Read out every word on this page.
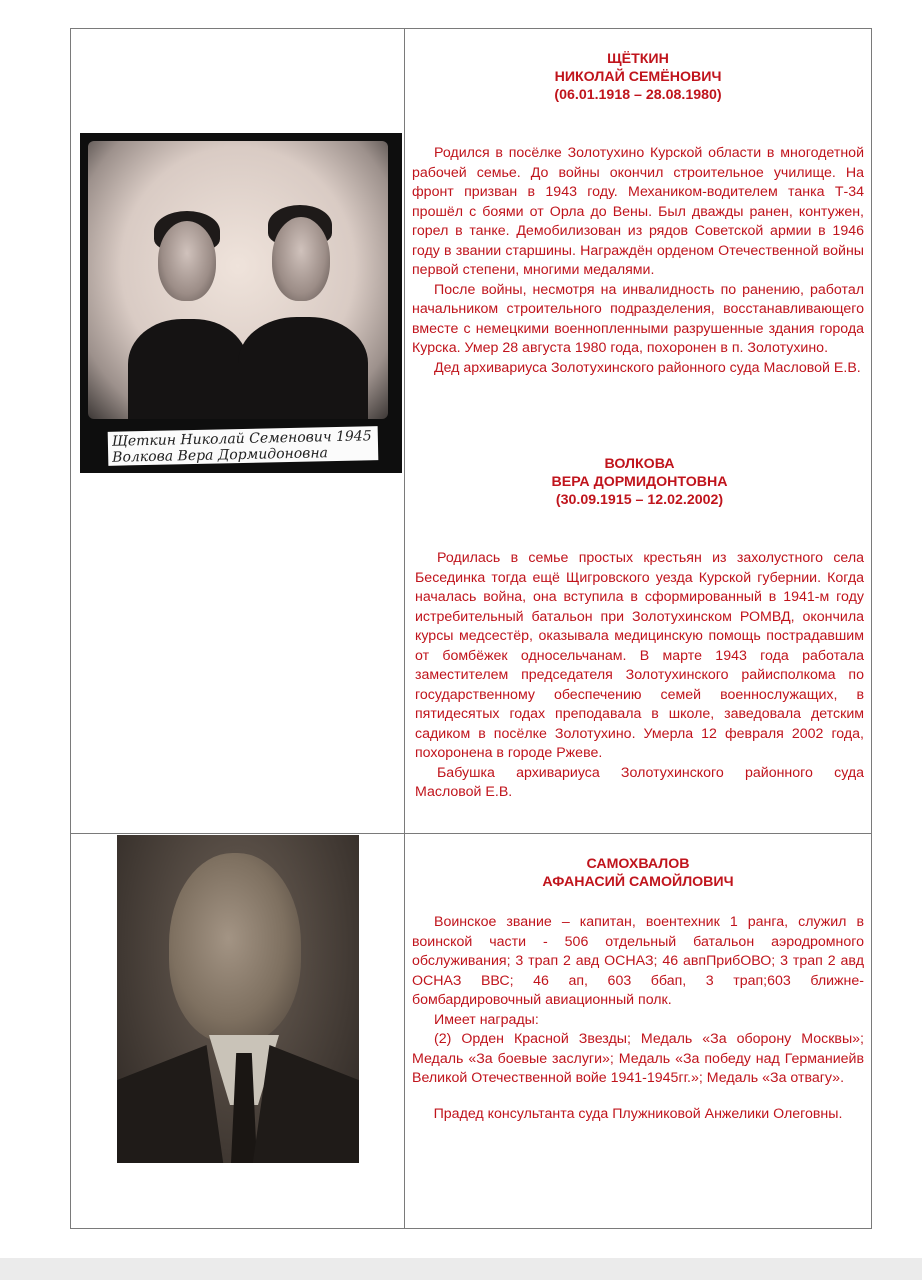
Щеткин Николай Семенович 1945
Волкова Вера Дормидоновна
ЩЁТКИН
НИКОЛАЙ СЕМЁНОВИЧ
(06.01.1918 – 28.08.1980)

Родился в посёлке Золотухино Курской области в многодетной рабочей семье. До войны окончил строительное училище. На фронт призван в 1943 году. Механиком-водителем танка Т-34 прошёл с боями от Орла до Вены. Был дважды ранен, контужен, горел в танке. Демобилизован из рядов Советской армии в 1946 году в звании старшины. Награждён орденом Отечественной войны первой степени, многими медалями.

После войны, несмотря на инвалидность по ранению, работал начальником строительного подразделения, восстанавливающего вместе с немецкими военнопленными разрушенные здания города Курска. Умер 28 августа 1980 года, похоронен в п. Золотухино.

Дед архивариуса Золотухинского районного суда Масловой Е.В.

ВОЛКОВА
ВЕРА ДОРМИДОНТОВНА
(30.09.1915 – 12.02.2002)

Родилась в семье простых крестьян из захолустного села Бесединка тогда ещё Щигровского уезда Курской губернии. Когда началась война, она вступила в сформированный в 1941-м году истребительный батальон при Золотухинском РОМВД, окончила курсы медсестёр, оказывала медицинскую помощь пострадавшим от бомбёжек односельчанам. В марте 1943 года работала заместителем председателя Золотухинского райисполкома по государственному обеспечению семей военнослужащих, в пятидесятых годах преподавала в школе, заведовала детским садиком в посёлке Золотухино. Умерла 12 февраля 2002 года, похоронена в городе Ржеве.

Бабушка архивариуса Золотухинского районного суда Масловой Е.В.

САМОХВАЛОВ
АФАНАСИЙ САМОЙЛОВИЧ

Воинское звание – капитан, воентехник 1 ранга, служил в воинской части - 506 отдельный батальон аэродромного обслуживания; 3 трап 2 авд ОСНАЗ; 46 авпПрибОВО; 3 трап 2 авд ОСНАЗ ВВС; 46 ап, 603 ббап, 3 трап;603 ближне-бомбардировочный авиационный полк.

Имеет награды:

(2) Орден Красной Звезды; Медаль «За оборону Москвы»; Медаль «За боевые заслуги»; Медаль «За победу над Германиейв Великой Отечественной войе 1941-1945гг.»; Медаль «За отвагу».

Прадед консультанта суда Плужниковой Анжелики Олеговны.
